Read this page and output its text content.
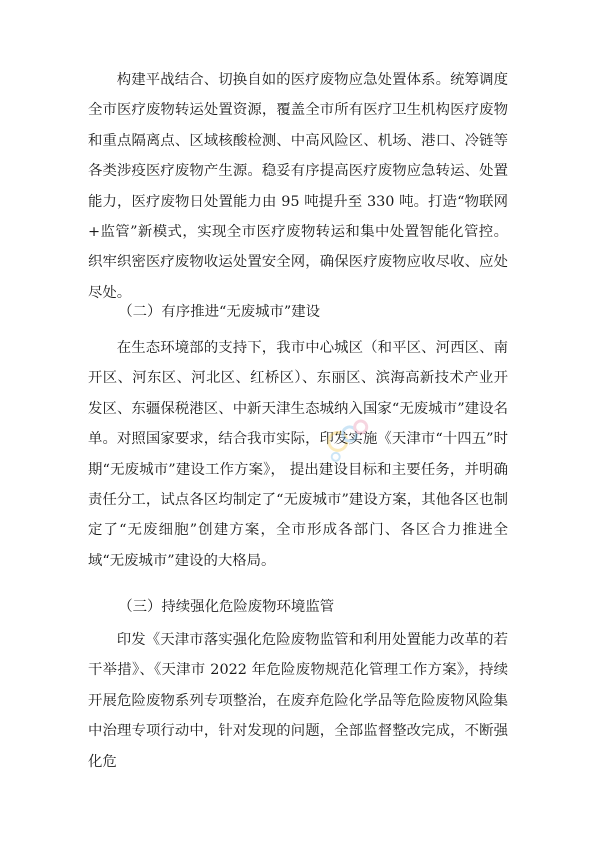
构建平战结合、切换自如的医疗废物应急处置体系。统筹调度全市医疗废物转运处置资源，覆盖全市所有医疗卫生机构医疗废物和重点隔离点、区域核酸检测、中高风险区、机场、港口、冷链等各类涉疫医疗废物产生源。稳妥有序提高医疗废物应急转运、处置能力，医疗废物日处置能力由 95 吨提升至 330 吨。打造“物联网+监管”新模式，实现全市医疗废物转运和集中处置智能化管控。织牢织密医疗废物收运处置安全网，确保医疗废物应收尽收、应处尽处。

（二）有序推进“无废城市”建设

在生态环境部的支持下，我市中心城区（和平区、河西区、南开区、河东区、河北区、红桥区）、东丽区、滨海高新技术产业开发区、东疆保税港区、中新天津生态城纳入国家“无废城市”建设名单。对照国家要求，结合我市实际，印发实施《天津市“十四五”时期“无废城市”建设工作方案》， 提出建设目标和主要任务，并明确责任分工，试点各区均制定了“无废城市”建设方案，其他各区也制定了“无废细胞”创建方案，全市形成各部门、各区合力推进全域“无废城市”建设的大格局。

（三）持续强化危险废物环境监管

印发《天津市落实强化危险废物监管和利用处置能力改革的若干举措》、《天津市 2022 年危险废物规范化管理工作方案》，持续开展危险废物系列专项整治，在废弃危险化学品等危险废物风险集中治理专项行动中，针对发现的问题，全部监督整改完成，不断强化危
